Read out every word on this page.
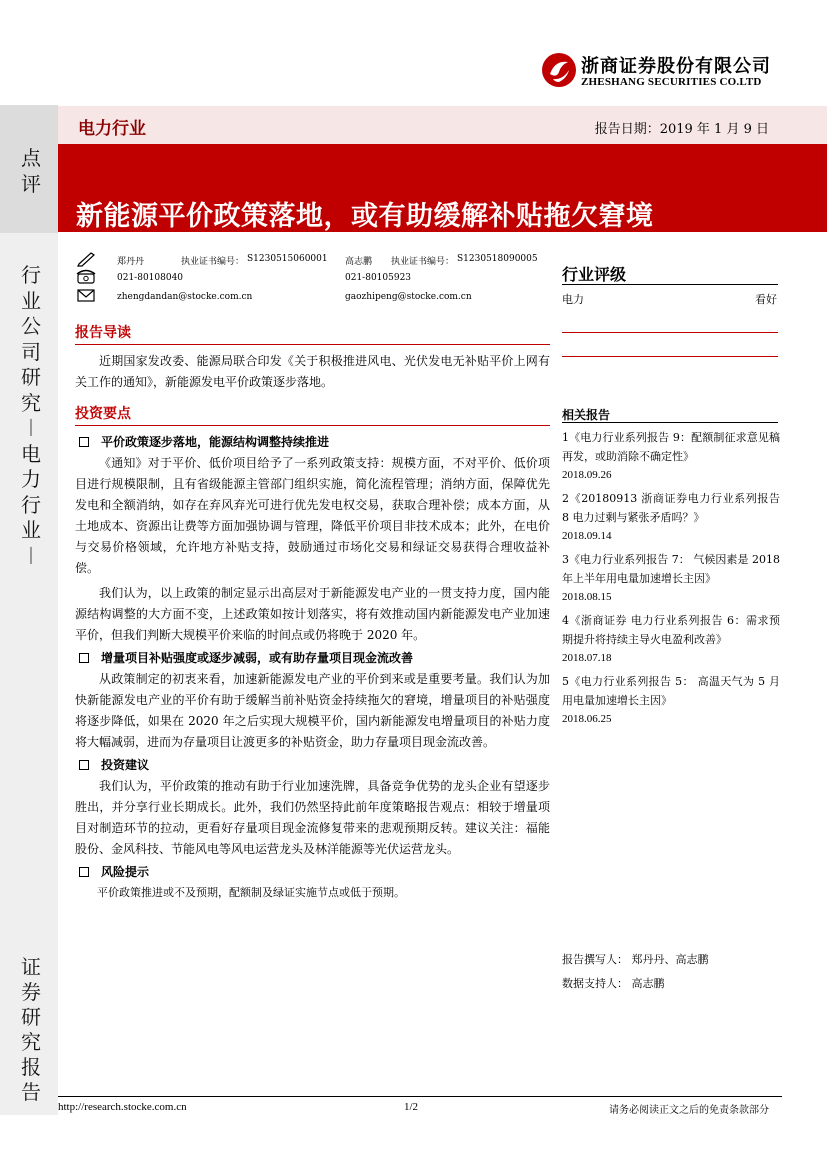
点
评
行
业
公
司
研
究
︱
电
力
行
业
︱
证
券
研
究
报
告
浙商证券股份有限公司
ZHESHANG SECURITIES CO.LTD
电力行业	报告日期：2019 年 1 月 9 日
新能源平价政策落地，或有助缓解补贴拖欠窘境
郑丹丹	执业证书编号： S1230515060001
021-80108040
zhengdandan@stocke.com.cn
高志鹏 执业证书编号： S1230518090005
021-80105923
gaozhipeng@stocke.com.cn
行业评级
电力	看好
相关报告
1《电力行业系列报告 9：配额制征求意见稿再发，或助消除不确定性》
2018.09.26
2《20180913 浙商证券电力行业系列报告 8 电力过剩与紧张矛盾吗？》
2018.09.14
3《电力行业系列报告 7： 气候因素是 2018 年上半年用电量加速增长主因》
2018.08.15
4《浙商证券 电力行业系列报告 6：需求预期提升将持续主导火电盈利改善》
2018.07.18
5《电力行业系列报告 5： 高温天气为 5 月用电量加速增长主因》
2018.06.25
报告导读

近期国家发改委、能源局联合印发《关于积极推进风电、光伏发电无补贴平价上网有关工作的通知》，新能源发电平价政策逐步落地。

投资要点
平价政策逐步落地，能源结构调整持续推进

《通知》对于平价、低价项目给予了一系列政策支持：规模方面，不对平价、低价项目进行规模限制，且有省级能源主管部门组织实施，简化流程管理；消纳方面，保障优先发电和全额消纳，如存在弃风弃光可进行优先发电权交易，获取合理补偿；成本方面，从土地成本、资源出让费等方面加强协调与管理，降低平价项目非技术成本；此外，在电价与交易价格领域，允许地方补贴支持，鼓励通过市场化交易和绿证交易获得合理收益补偿。

我们认为，以上政策的制定显示出高层对于新能源发电产业的一贯支持力度，国内能源结构调整的大方面不变，上述政策如按计划落实，将有效推动国内新能源发电产业加速平价，但我们判断大规模平价来临的时间点或仍将晚于 2020 年。

增量项目补贴强度或逐步减弱，或有助存量项目现金流改善

从政策制定的初衷来看，加速新能源发电产业的平价到来或是重要考量。我们认为加快新能源发电产业的平价有助于缓解当前补贴资金持续拖欠的窘境，增量项目的补贴强度将逐步降低，如果在 2020 年之后实现大规模平价，国内新能源发电增量项目的补贴力度将大幅减弱，进而为存量项目让渡更多的补贴资金，助力存量项目现金流改善。

投资建议

我们认为，平价政策的推动有助于行业加速洗牌，具备竞争优势的龙头企业有望逐步胜出，并分享行业长期成长。此外，我们仍然坚持此前年度策略报告观点：相较于增量项目对制造环节的拉动，更看好存量项目现金流修复带来的悲观预期反转。建议关注：福能股份、金风科技、节能风电等风电运营龙头及林洋能源等光伏运营龙头。

风险提示

平价政策推进或不及预期，配额制及绿证实施节点或低于预期。

报告撰写人： 郑丹丹、高志鹏
数据支持人： 高志鹏
http://research.stocke.com.cn	1/2	请务必阅读正文之后的免责条款部分
